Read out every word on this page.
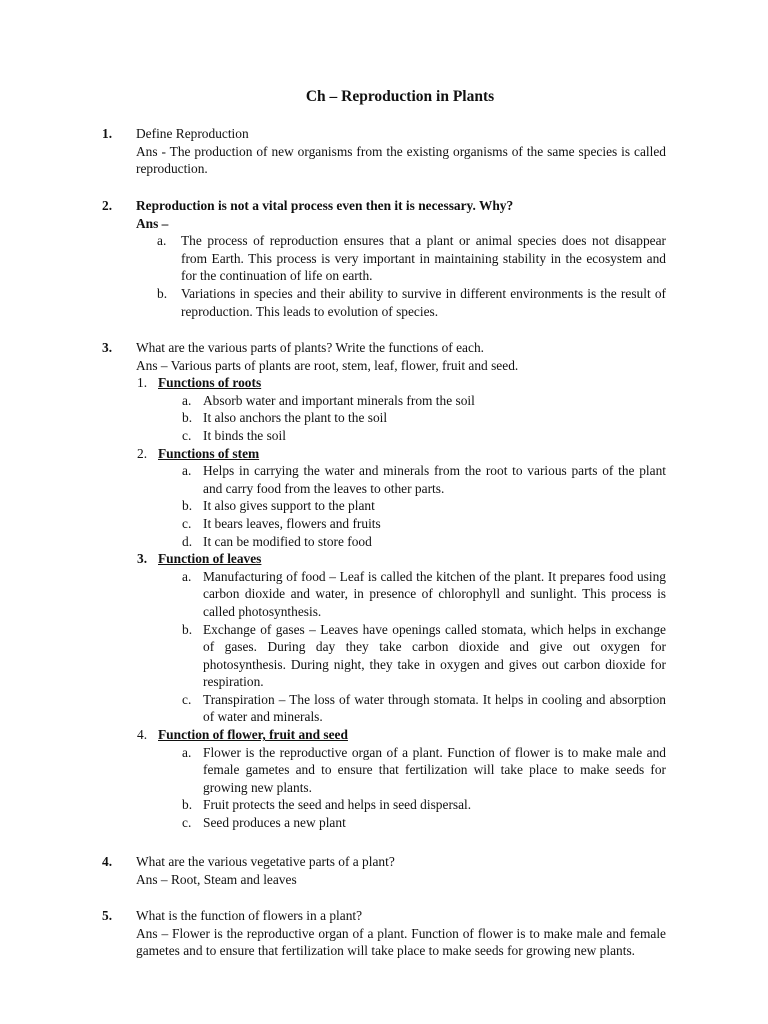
Ch – Reproduction in Plants
1. Define Reproduction

Ans - The production of new organisms from the existing organisms of the same species is called reproduction.

2. Reproduction is not a vital process even then it is necessary. Why?

Ans –

a. The process of reproduction ensures that a plant or animal species does not disappear from Earth. This process is very important in maintaining stability in the ecosystem and for the continuation of life on earth.
b. Variations in species and their ability to survive in different environments is the result of reproduction. This leads to evolution of species.
3. What are the various parts of plants? Write the functions of each.

Ans – Various parts of plants are root, stem, leaf, flower, fruit and seed.

1. Functions of roots
a. Absorb water and important minerals from the soil
b. It also anchors the plant to the soil
c. It binds the soil
2. Functions of stem
a. Helps in carrying the water and minerals from the root to various parts of the plant and carry food from the leaves to other parts.
b. It also gives support to the plant
c. It bears leaves, flowers and fruits
d. It can be modified to store food
3. Function of leaves
a. Manufacturing of food – Leaf is called the kitchen of the plant. It prepares food using carbon dioxide and water, in presence of chlorophyll and sunlight. This process is called photosynthesis.
b. Exchange of gases – Leaves have openings called stomata, which helps in exchange of gases. During day they take carbon dioxide and give out oxygen for photosynthesis. During night, they take in oxygen and gives out carbon dioxide for respiration.
c. Transpiration – The loss of water through stomata. It helps in cooling and absorption of water and minerals.
4. Function of flower, fruit and seed
a. Flower is the reproductive organ of a plant. Function of flower is to make male and female gametes and to ensure that fertilization will take place to make seeds for growing new plants.
b. Fruit protects the seed and helps in seed dispersal.
c. Seed produces a new plant
4. What are the various vegetative parts of a plant?

Ans – Root, Steam and leaves

5. What is the function of flowers in a plant?

Ans – Flower is the reproductive organ of a plant. Function of flower is to make male and female gametes and to ensure that fertilization will take place to make seeds for growing new plants.
